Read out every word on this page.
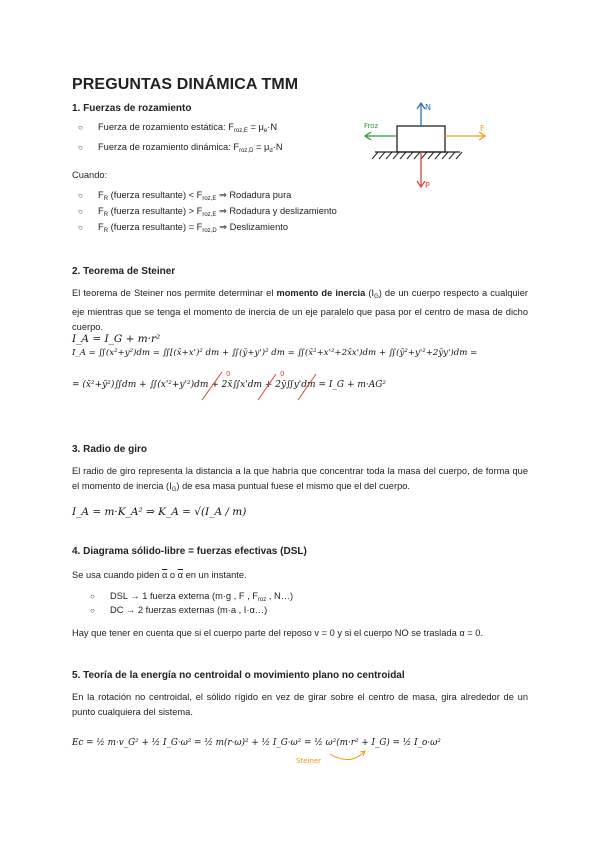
PREGUNTAS DINÁMICA TMM
1. Fuerzas de rozamiento
○ Fuerza de rozamiento estática: $F_{roz,E} = \mu_e\cdot N$
○ Fuerza de rozamiento dinámica: $F_{roz,D} = \mu_d\cdot N$
Cuando:
○ $F_R$ (fuerza resultante) < $F_{roz,E}$ ⇒ Rodadura pura
○ $F_R$ (fuerza resultante) > $F_{roz,E}$ ⇒ Rodadura y deslizamiento
○ $F_R$ (fuerza resultante) = $F_{roz,D}$ ⇒ Deslizamiento
N
P
F
Froz
2. Teorema de Steiner
El teorema de Steiner nos permite determinar el momento de inercia $(I_G)$ de un cuerpo respecto a cualquier eje mientras que se tenga el momento de inercia de un eje paralelo que pasa por el centro de masa de dicho cuerpo.
I_A = I_G + m·r²
I_A = ∬(x²+y²)dm = ∬[(x̄+x')² dm + ∬(ȳ+y')² dm = ∬(x̄²+x'²+2x̄x')dm + ∬(ȳ²+y'²+2ȳy')dm =
= (x̄²+ȳ²)∬dm + ∬(x'²+y'²)dm + 2x̄∬x'dm + 2ȳ∬y'dm = I_G + m·AG²
0	0
3. Radio de giro
El radio de giro representa la distancia a la que habría que concentrar toda la masa del cuerpo, de forma que el momento de inercia $(I_G)$ de esa masa puntual fuese el mismo que el del cuerpo.
I_A = m·K_A² ⇒ K_A = √(I_A / m)
4. Diagrama sólido-libre = fuerzas efectivas (DSL)
Se usa cuando piden $\overline{\alpha}$ o $\overline{\alpha}$ en un instante.
○ DSL → 1 fuerza externa (m·g , F , $F_{roz}$ , N…)
○ DC → 2 fuerzas externas (m·a , I·α…)
Hay que tener en cuenta que si el cuerpo parte del reposo v = 0 y si el cuerpo NO se traslada α = 0.
5. Teoría de la energía no centroidal o movimiento plano no centroidal
En la rotación no centroidal, el sólido rígido en vez de girar sobre el centro de masa, gira alrededor de un punto cualquiera del sistema.
Ec = ½ m·v_G² + ½ I_G·ω² = ½ m(r·ω)² + ½ I_G·ω² = ½ ω²(m·r² + I_G) = ½ I_o·ω²
Steiner
